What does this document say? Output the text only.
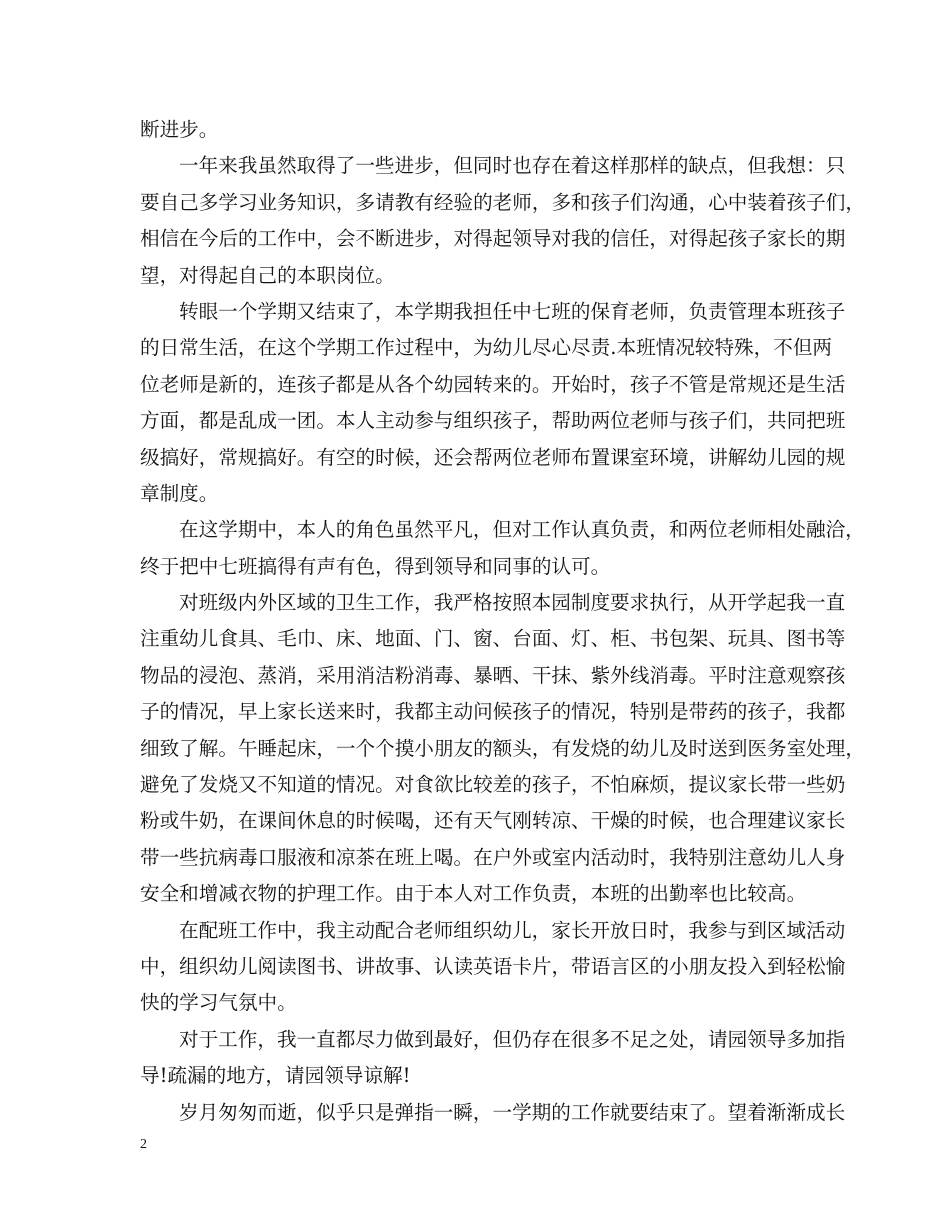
断进步。
一年来我虽然取得了一些进步，但同时也存在着这样那样的缺点，但我想：只
要自己多学习业务知识，多请教有经验的老师，多和孩子们沟通，心中装着孩子们，
相信在今后的工作中，会不断进步，对得起领导对我的信任，对得起孩子家长的期
望，对得起自己的本职岗位。
转眼一个学期又结束了，本学期我担任中七班的保育老师，负责管理本班孩子
的日常生活，在这个学期工作过程中，为幼儿尽心尽责.本班情况较特殊，不但两
位老师是新的，连孩子都是从各个幼园转来的。开始时，孩子不管是常规还是生活
方面，都是乱成一团。本人主动参与组织孩子，帮助两位老师与孩子们，共同把班
级搞好，常规搞好。有空的时候，还会帮两位老师布置课室环境，讲解幼儿园的规
章制度。
在这学期中，本人的角色虽然平凡，但对工作认真负责，和两位老师相处融洽，
终于把中七班搞得有声有色，得到领导和同事的认可。
对班级内外区域的卫生工作，我严格按照本园制度要求执行，从开学起我一直
注重幼儿食具、毛巾、床、地面、门、窗、台面、灯、柜、书包架、玩具、图书等
物品的浸泡、蒸消，采用消洁粉消毒、暴晒、干抹、紫外线消毒。平时注意观察孩
子的情况，早上家长送来时，我都主动问候孩子的情况，特别是带药的孩子，我都
细致了解。午睡起床，一个个摸小朋友的额头，有发烧的幼儿及时送到医务室处理，
避免了发烧又不知道的情况。对食欲比较差的孩子，不怕麻烦，提议家长带一些奶
粉或牛奶，在课间休息的时候喝，还有天气刚转凉、干燥的时候，也合理建议家长
带一些抗病毒口服液和凉茶在班上喝。在户外或室内活动时，我特别注意幼儿人身
安全和增减衣物的护理工作。由于本人对工作负责，本班的出勤率也比较高。
在配班工作中，我主动配合老师组织幼儿，家长开放日时，我参与到区域活动
中，组织幼儿阅读图书、讲故事、认读英语卡片，带语言区的小朋友投入到轻松愉
快的学习气氛中。
对于工作，我一直都尽力做到最好，但仍存在很多不足之处，请园领导多加指
导!疏漏的地方，请园领导谅解!
岁月匆匆而逝，似乎只是弹指一瞬，一学期的工作就要结束了。望着渐渐成长
2
